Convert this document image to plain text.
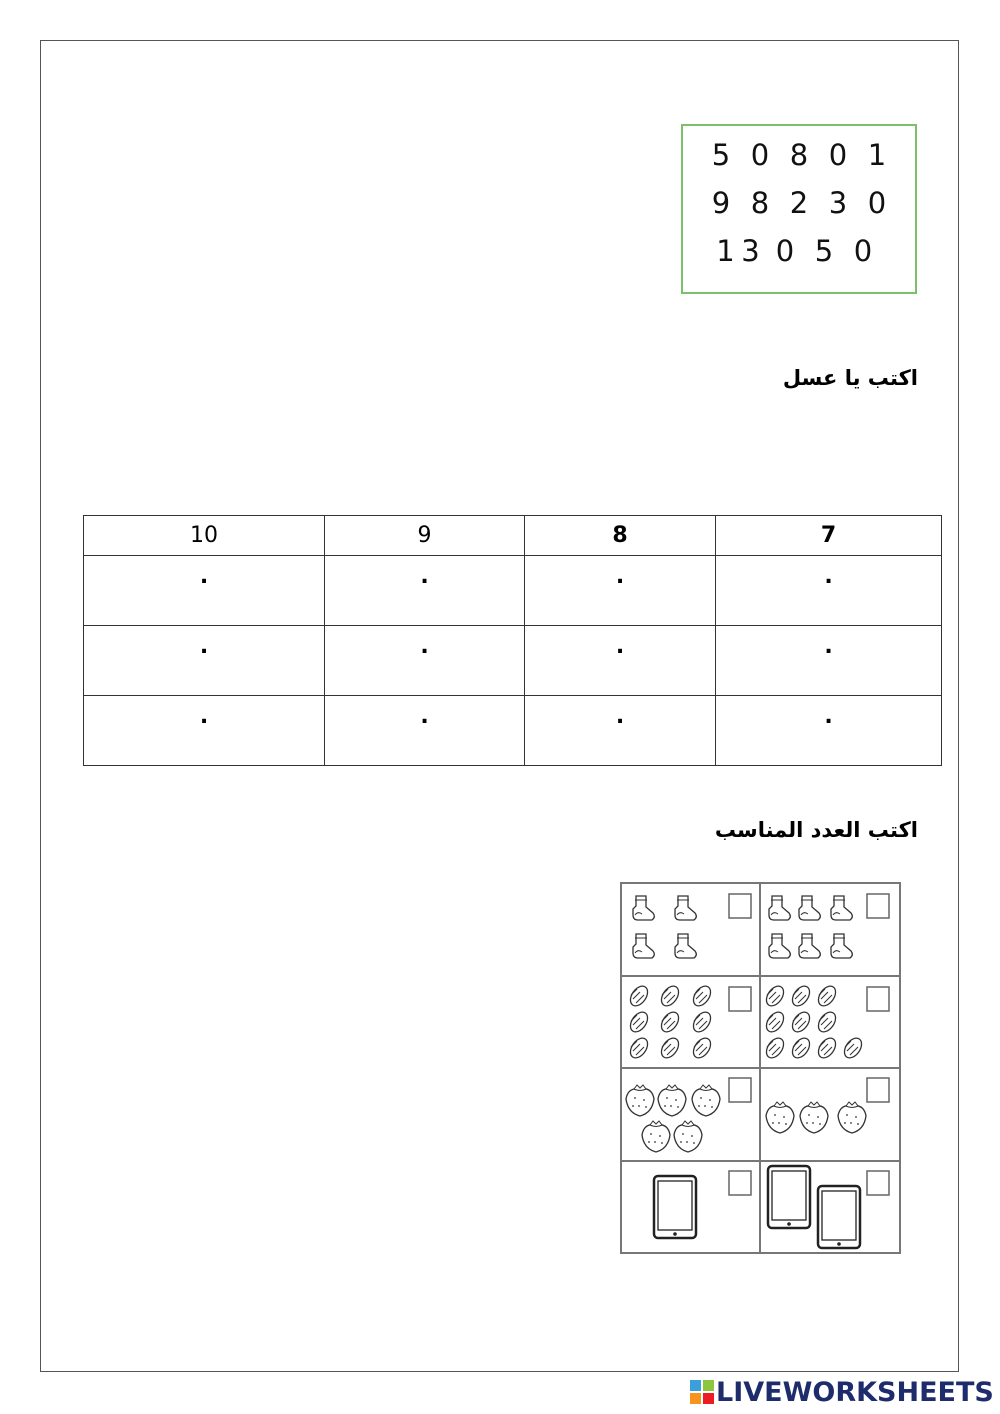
5 0 8 0 1
9 8 2 3 0
1 3 0 5 0
اكتب يا عسل
10	9	8	7
.	.	.	.
.	.	.	.
.	.	.	.
اكتب العدد المناسب
LIVEWORKSHEETS
